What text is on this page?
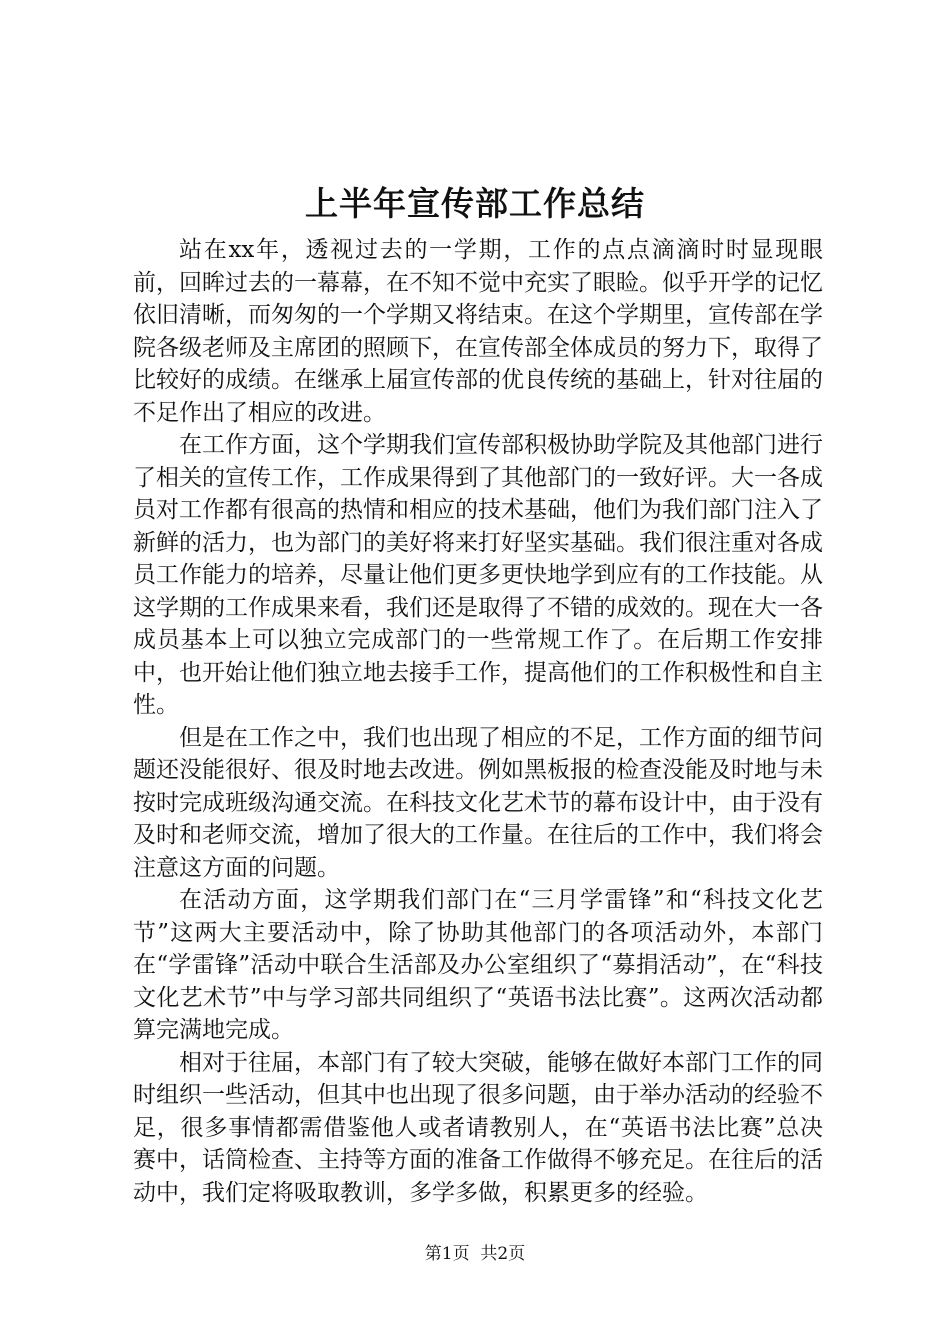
上半年宣传部工作总结

站在xx年，透视过去的一学期，工作的点点滴滴时时显现眼前，回眸过去的一幕幕，在不知不觉中充实了眼睑。似乎开学的记忆依旧清晰，而匆匆的一个学期又将结束。在这个学期里，宣传部在学院各级老师及主席团的照顾下，在宣传部全体成员的努力下，取得了比较好的成绩。在继承上届宣传部的优良传统的基础上，针对往届的不足作出了相应的改进。

在工作方面，这个学期我们宣传部积极协助学院及其他部门进行了相关的宣传工作，工作成果得到了其他部门的一致好评。大一各成员对工作都有很高的热情和相应的技术基础，他们为我们部门注入了新鲜的活力，也为部门的美好将来打好坚实基础。我们很注重对各成员工作能力的培养，尽量让他们更多更快地学到应有的工作技能。从这学期的工作成果来看，我们还是取得了不错的成效的。现在大一各成员基本上可以独立完成部门的一些常规工作了。在后期工作安排中，也开始让他们独立地去接手工作，提高他们的工作积极性和自主性。

但是在工作之中，我们也出现了相应的不足，工作方面的细节问题还没能很好、很及时地去改进。例如黑板报的检查没能及时地与未按时完成班级沟通交流。在科技文化艺术节的幕布设计中，由于没有及时和老师交流，增加了很大的工作量。在往后的工作中，我们将会注意这方面的问题。

在活动方面，这学期我们部门在“三月学雷锋”和“科技文化艺节”这两大主要活动中，除了协助其他部门的各项活动外，本部门在“学雷锋”活动中联合生活部及办公室组织了“募捐活动”，在“科技文化艺术节”中与学习部共同组织了“英语书法比赛”。这两次活动都算完满地完成。

相对于往届，本部门有了较大突破，能够在做好本部门工作的同时组织一些活动，但其中也出现了很多问题，由于举办活动的经验不足，很多事情都需借鉴他人或者请教别人，在“英语书法比赛”总决赛中，话筒检查、主持等方面的准备工作做得不够充足。在往后的活动中，我们定将吸取教训，多学多做，积累更多的经验。

第1页 共2页
